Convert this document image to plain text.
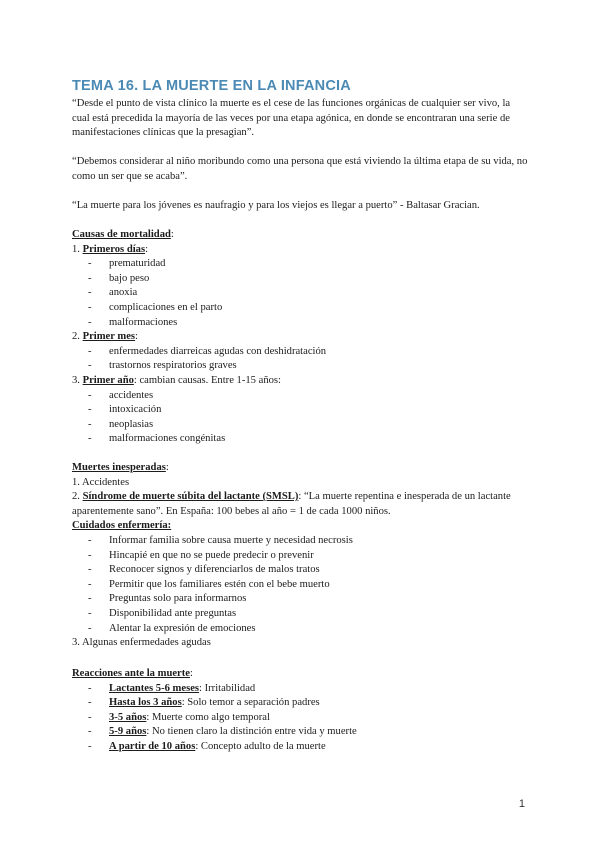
TEMA 16. LA MUERTE EN LA INFANCIA
“Desde el punto de vista clínico la muerte es el cese de las funciones orgánicas de cualquier ser vivo, la cual está precedida la mayoría de las veces por una etapa agónica, en donde se encontraran una serie de manifestaciones clínicas que la presagian”.
“Debemos considerar al niño moribundo como una persona que está viviendo la última etapa de su vida, no como un ser que se acaba”.
“La muerte para los jóvenes es naufragio y para los viejos es llegar a puerto” - Baltasar Gracian.
Causas de mortalidad:
1. Primeros días:
- prematuridad
- bajo peso
- anoxia
- complicaciones en el parto
- malformaciones
2. Primer mes:
- enfermedades diarreicas agudas con deshidratación
- trastornos respiratorios graves
3. Primer año: cambian causas. Entre 1-15 años:
- accidentes
- intoxicación
- neoplasias
- malformaciones congénitas
Muertes inesperadas:
1. Accidentes
2. Síndrome de muerte súbita del lactante (SMSL): “La muerte repentina e inesperada de un lactante aparentemente sano”. En España: 100 bebes al año = 1 de cada 1000 niños.
Cuidados enfermería:
- Informar familia sobre causa muerte y necesidad necrosis
- Hincapié en que no se puede predecir o prevenir
- Reconocer signos y diferenciarlos de malos tratos
- Permitir que los familiares estén con el bebe muerto
- Preguntas solo para informarnos
- Disponibilidad ante preguntas
- Alentar la expresión de emociones
3. Algunas enfermedades agudas
Reacciones ante la muerte:
- Lactantes 5-6 meses: Irritabilidad
- Hasta los 3 años: Solo temor a separación padres
- 3-5 años: Muerte como algo temporal
- 5-9 años: No tienen claro la distinción entre vida y muerte
- A partir de 10 años: Concepto adulto de la muerte
1
